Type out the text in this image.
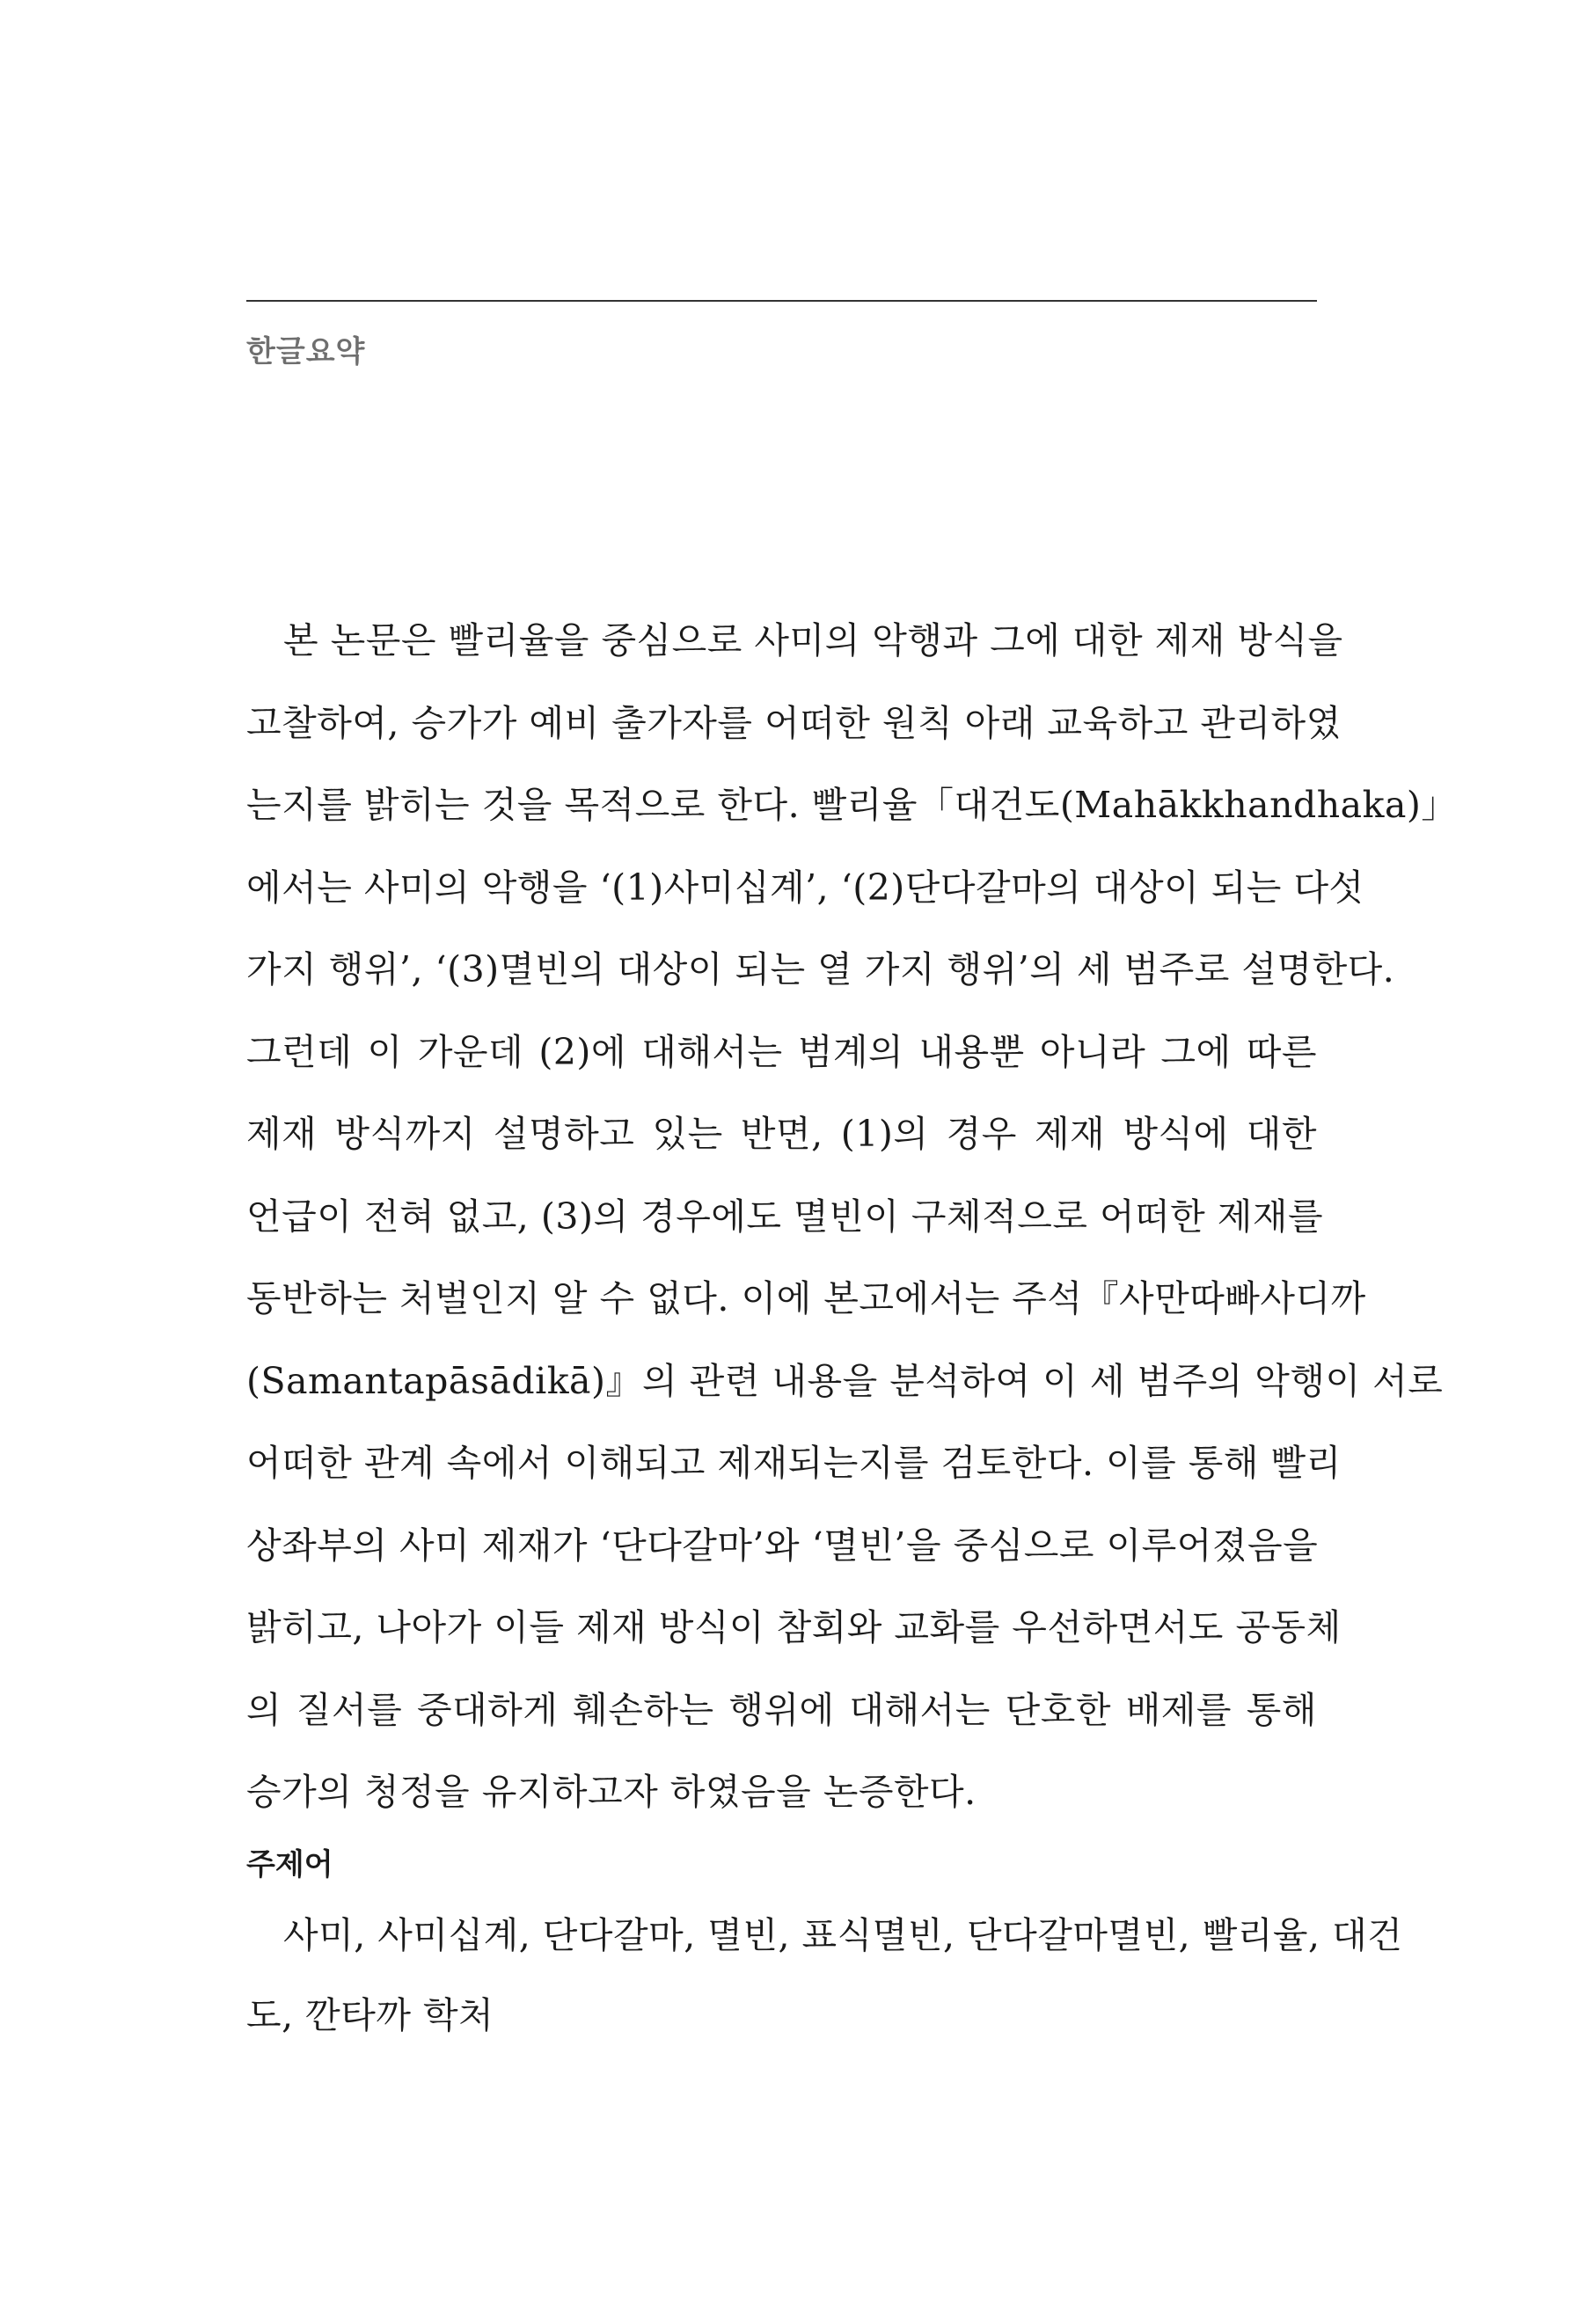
한글요약
본 논문은 빨리율을 중심으로 사미의 악행과 그에 대한 제재 방식을
고찰하여, 승가가 예비 출가자를 어떠한 원칙 아래 교육하고 관리하였
는지를 밝히는 것을 목적으로 한다. 빨리율「대건도(Mahākkhandhaka)」
에서는 사미의 악행을 ‘(1)사미십계’, ‘(2)단다갈마의 대상이 되는 다섯
가지 행위’, ‘(3)멸빈의 대상이 되는 열 가지 행위’의 세 범주로 설명한다.
그런데 이 가운데 (2)에 대해서는 범계의 내용뿐 아니라 그에 따른
제재 방식까지 설명하고 있는 반면, (1)의 경우 제재 방식에 대한
언급이 전혀 없고, (3)의 경우에도 멸빈이 구체적으로 어떠한 제재를
동반하는 처벌인지 알 수 없다. 이에 본고에서는 주석『사만따빠사디까
(Samantapāsādikā)』의 관련 내용을 분석하여 이 세 범주의 악행이 서로
어떠한 관계 속에서 이해되고 제재되는지를 검토한다. 이를 통해 빨리
상좌부의 사미 제재가 ‘단다갈마’와 ‘멸빈’을 중심으로 이루어졌음을
밝히고, 나아가 이들 제재 방식이 참회와 교화를 우선하면서도 공동체
의 질서를 중대하게 훼손하는 행위에 대해서는 단호한 배제를 통해
승가의 청정을 유지하고자 하였음을 논증한다.
주제어
사미, 사미십계, 단다갈마, 멸빈, 표식멸빈, 단다갈마멸빈, 빨리율, 대건
도, 깐타까 학처
